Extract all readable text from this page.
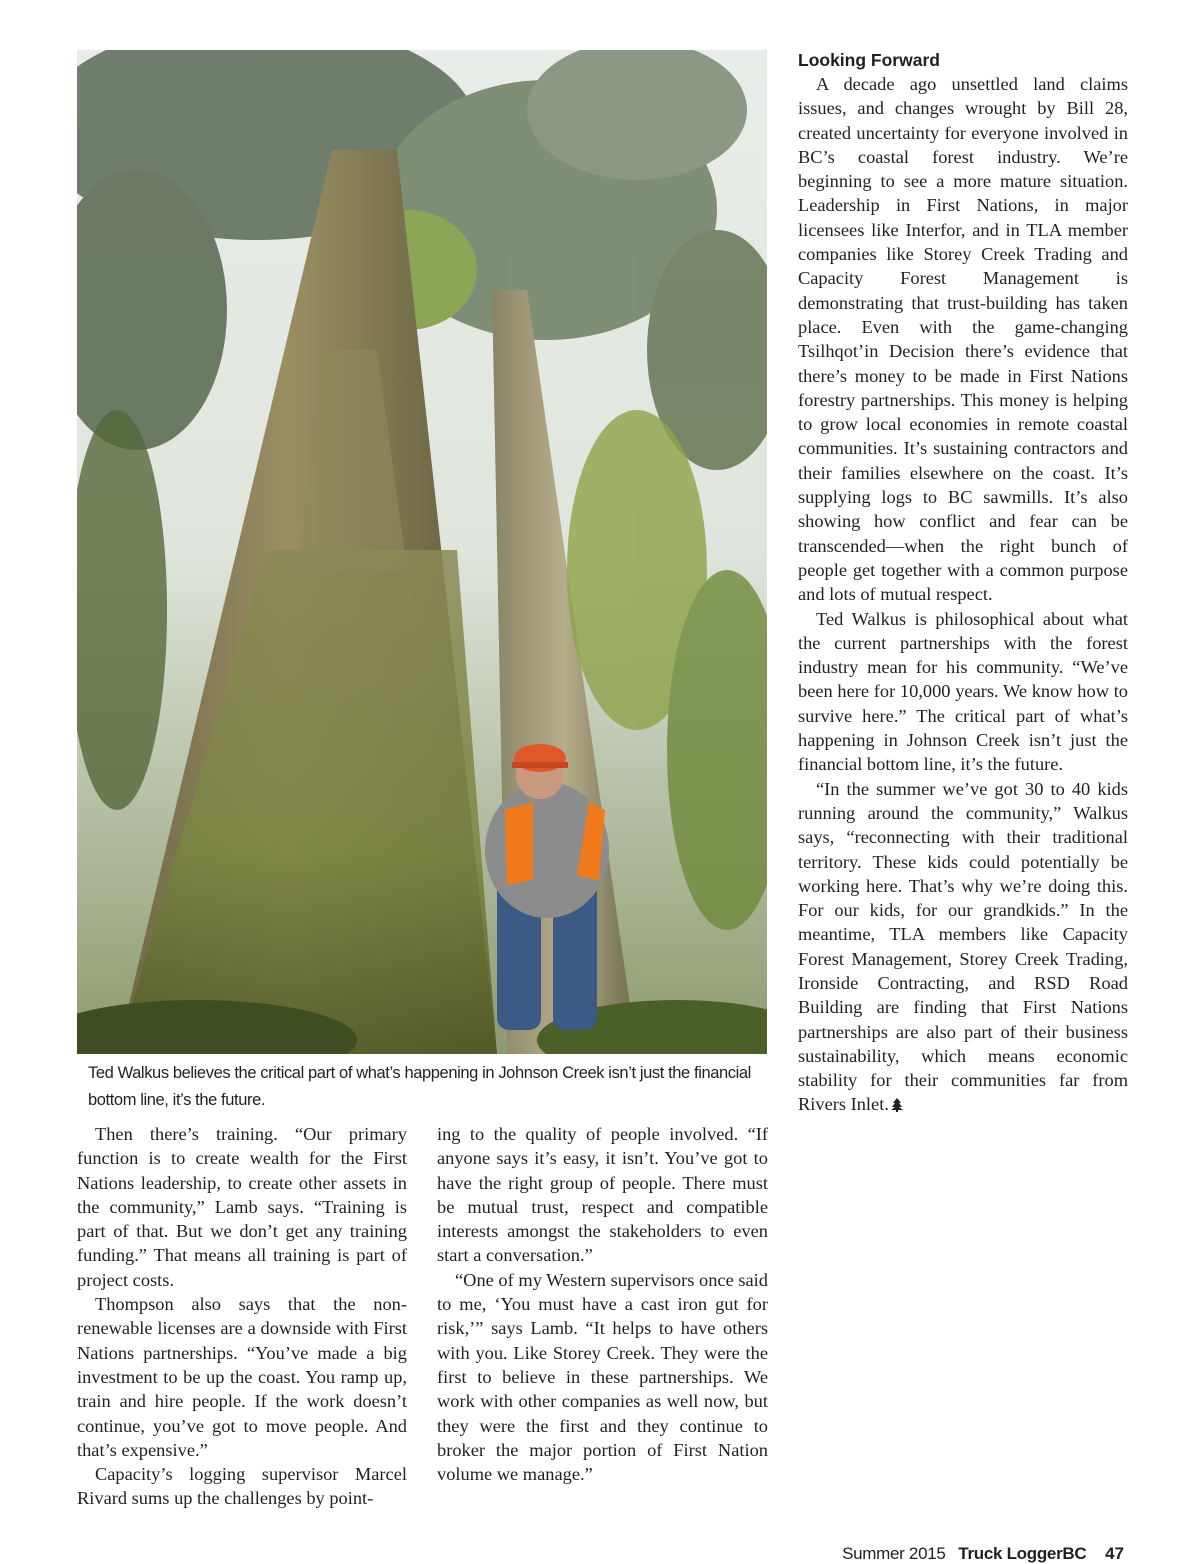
Ted Walkus believes the critical part of what’s happening in Johnson Creek isn’t just the financial bottom line, it’s the future.

Then there’s training. “Our primary function is to create wealth for the First Nations leadership, to create other assets in the community,” Lamb says. “Training is part of that. But we don’t get any training funding.” That means all training is part of project costs.

Thompson also says that the non-renewable licenses are a downside with First Nations partnerships. “You’ve made a big investment to be up the coast. You ramp up, train and hire people. If the work doesn’t continue, you’ve got to move people. And that’s expensive.”

Capacity’s logging supervisor Marcel Rivard sums up the challenges by point-

ing to the quality of people involved. “If anyone says it’s easy, it isn’t. You’ve got to have the right group of people. There must be mutual trust, respect and compatible interests amongst the stakeholders to even start a conversation.”

“One of my Western supervisors once said to me, ‘You must have a cast iron gut for risk,’” says Lamb. “It helps to have others with you. Like Storey Creek. They were the first to believe in these partnerships. We work with other companies as well now, but they were the first and they continue to broker the major portion of First Nation volume we manage.”

Looking Forward

A decade ago unsettled land claims issues, and changes wrought by Bill 28, created uncertainty for everyone involved in BC’s coastal forest industry. We’re beginning to see a more mature situation. Leadership in First Nations, in major licensees like Interfor, and in TLA member companies like Storey Creek Trading and Capacity Forest Management is demonstrating that trust-building has taken place. Even with the game-changing Tsilhqot’in Decision there’s evidence that there’s money to be made in First Nations forestry partnerships. This money is helping to grow local economies in remote coastal communities. It’s sustaining contractors and their families elsewhere on the coast. It’s supplying logs to BC sawmills. It’s also showing how conflict and fear can be transcended—when the right bunch of people get together with a common purpose and lots of mutual respect.

Ted Walkus is philosophical about what the current partnerships with the forest industry mean for his community. “We’ve been here for 10,000 years. We know how to survive here.” The critical part of what’s happening in Johnson Creek isn’t just the financial bottom line, it’s the future.

“In the summer we’ve got 30 to 40 kids running around the community,” Walkus says, “reconnecting with their traditional territory. These kids could potentially be working here. That’s why we’re doing this. For our kids, for our grandkids.” In the meantime, TLA members like Capacity Forest Management, Storey Creek Trading, Ironside Contracting, and RSD Road Building are finding that First Nations partnerships are also part of their business sustainability, which means economic stability for their communities far from Rivers Inlet.

Summer 2015 Truck LoggerBC 47
